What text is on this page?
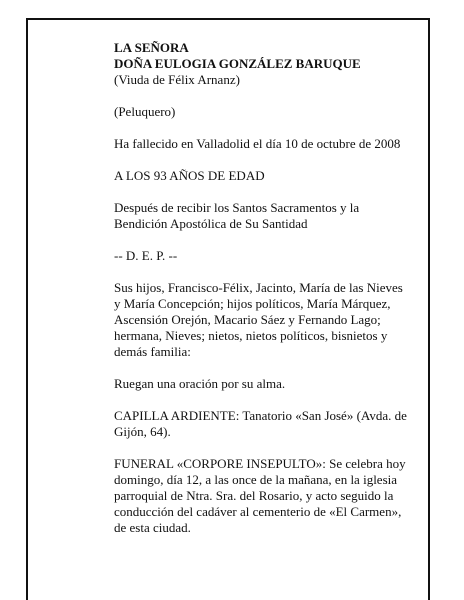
LA SEÑORA
DOÑA EULOGIA GONZÁLEZ BARUQUE
(Viuda de Félix Arnanz)
(Peluquero)
Ha fallecido en Valladolid el día 10 de octubre de 2008
A LOS 93 AÑOS DE EDAD
Después de recibir los Santos Sacramentos y la
Bendición Apostólica de Su Santidad
-- D. E. P. --
Sus hijos, Francisco-Félix, Jacinto, María de las Nieves
y María Concepción; hijos políticos, María Márquez,
Ascensión Orejón, Macario Sáez y Fernando Lago;
hermana, Nieves; nietos, nietos políticos, bisnietos y
demás familia:
Ruegan una oración por su alma.
CAPILLA ARDIENTE: Tanatorio «San José» (Avda. de
Gijón, 64).
FUNERAL «CORPORE INSEPULTO»: Se celebra hoy
domingo, día 12, a las once de la mañana, en la iglesia
parroquial de Ntra. Sra. del Rosario, y acto seguido la
conducción del cadáver al cementerio de «El Carmen»,
de esta ciudad.
